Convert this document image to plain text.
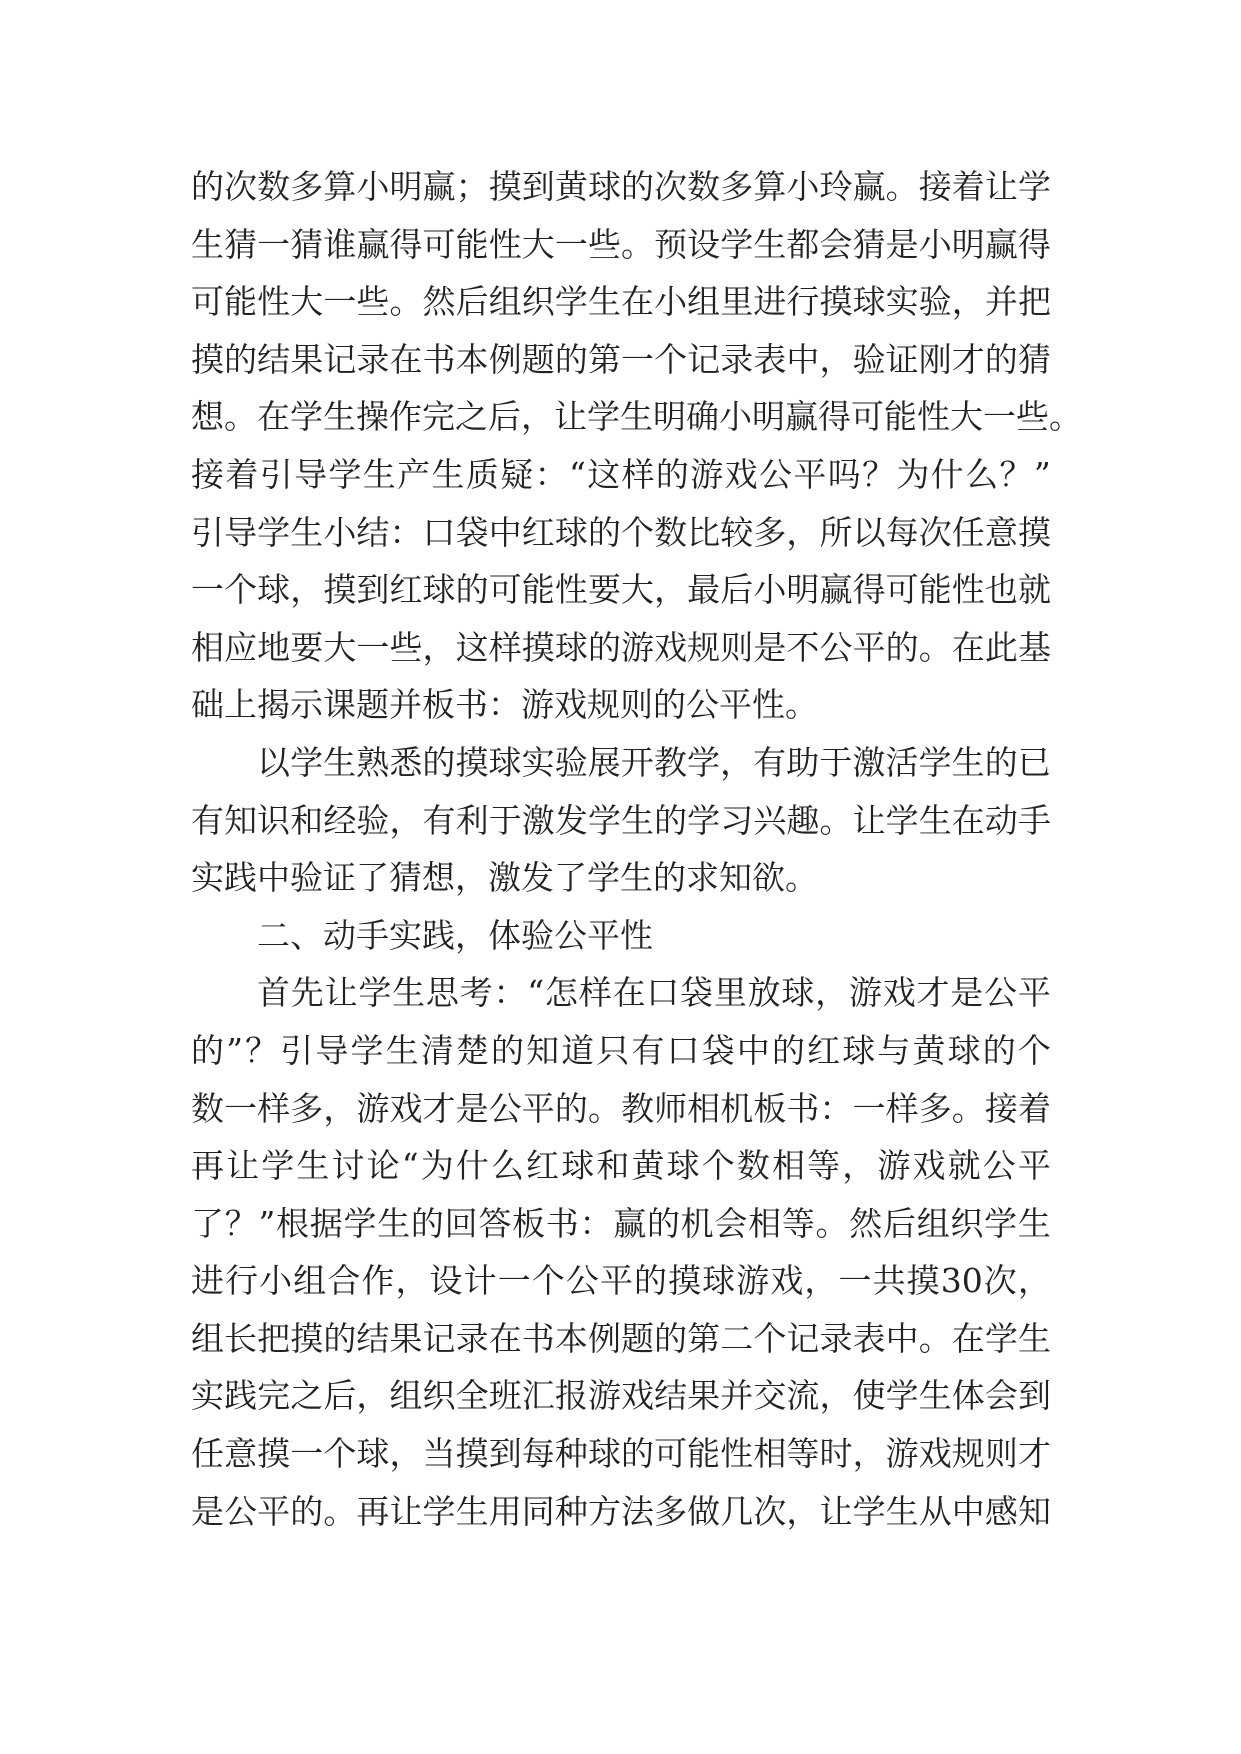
的 次 数 多 算 小 明 赢 ； 摸 到 黄 球 的 次 数 多 算 小 玲 赢 。 接 着 让 学
生 猜 一 猜 谁 赢 得 可 能 性 大 一 些 。 预 设 学 生 都 会 猜 是 小 明 赢 得
可 能 性 大 一 些 。 然 后 组 织 学 生 在 小 组 里 进 行 摸 球 实 验 ， 并 把
摸 的 结 果 记 录 在 书 本 例 题 的 第 一 个 记 录 表 中 ， 验 证 刚 才 的 猜
想 。 在 学 生 操 作 完 之 后 ， 让 学 生 明 确 小 明 赢 得 可 能 性 大 一 些 。
接 着 引 导 学 生 产 生 质 疑 ： “ 这 样 的 游 戏 公 平 吗 ？ 为 什 么 ？ ”
引 导 学 生 小 结 ： 口 袋 中 红 球 的 个 数 比 较 多 ， 所 以 每 次 任 意 摸
一 个 球 ， 摸 到 红 球 的 可 能 性 要 大 ， 最 后 小 明 赢 得 可 能 性 也 就
相 应 地 要 大 一 些 ， 这 样 摸 球 的 游 戏 规 则 是 不 公 平 的 。 在 此 基
础上揭示课题并板书：游戏规则的公平性。
以 学 生 熟 悉 的 摸 球 实 验 展 开 教 学 ， 有 助 于 激 活 学 生 的 已
有 知 识 和 经 验 ， 有 利 于 激 发 学 生 的 学 习 兴 趣 。 让 学 生 在 动 手
实践中验证了猜想，激发了学生的求知欲。
二、动手实践，体验公平性
首 先 让 学 生 思 考 ： “ 怎 样 在 口 袋 里 放 球 ， 游 戏 才 是 公 平
的 ” ？ 引 导 学 生 清 楚 的 知 道 只 有 口 袋 中 的 红 球 与 黄 球 的 个
数 一 样 多 ， 游 戏 才 是 公 平 的 。 教 师 相 机 板 书 ： 一 样 多 。 接 着
再 让 学 生 讨 论 “ 为 什 么 红 球 和 黄 球 个 数 相 等 ， 游 戏 就 公 平
了 ？ ” 根 据 学 生 的 回 答 板 书 ： 赢 的 机 会 相 等 。 然 后 组 织 学 生
进 行 小 组 合 作 ， 设 计 一 个 公 平 的 摸 球 游 戏 ， 一 共 摸 30 次 ，
组 长 把 摸 的 结 果 记 录 在 书 本 例 题 的 第 二 个 记 录 表 中 。 在 学 生
实 践 完 之 后 ， 组 织 全 班 汇 报 游 戏 结 果 并 交 流 ， 使 学 生 体 会 到
任 意 摸 一 个 球 ， 当 摸 到 每 种 球 的 可 能 性 相 等 时 ， 游 戏 规 则 才
是 公 平 的 。 再 让 学 生 用 同 种 方 法 多 做 几 次 ， 让 学 生 从 中 感 知
